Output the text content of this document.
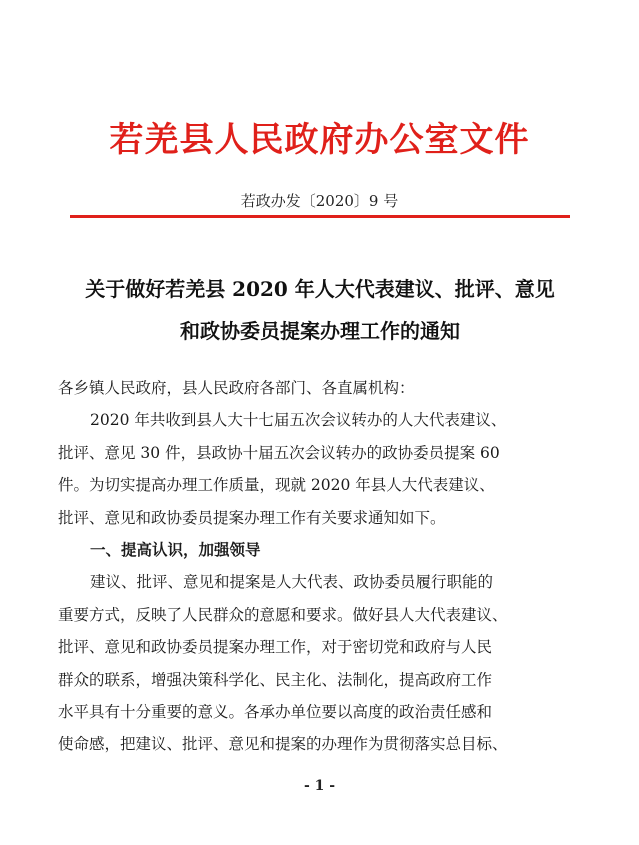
若羌县人民政府办公室文件
若政办发〔2020〕9 号
关于做好若羌县 2020 年人大代表建议、批评、意见
和政协委员提案办理工作的通知
各乡镇人民政府，县人民政府各部门、各直属机构：
2020 年共收到县人大十七届五次会议转办的人大代表建议、
批评、意见 30 件，县政协十届五次会议转办的政协委员提案 60
件。为切实提高办理工作质量，现就 2020 年县人大代表建议、
批评、意见和政协委员提案办理工作有关要求通知如下。
一、提高认识，加强领导
建议、批评、意见和提案是人大代表、政协委员履行职能的
重要方式，反映了人民群众的意愿和要求。做好县人大代表建议、
批评、意见和政协委员提案办理工作，对于密切党和政府与人民
群众的联系，增强决策科学化、民主化、法制化，提高政府工作
水平具有十分重要的意义。各承办单位要以高度的政治责任感和
使命感，把建议、批评、意见和提案的办理作为贯彻落实总目标、
- 1 -
